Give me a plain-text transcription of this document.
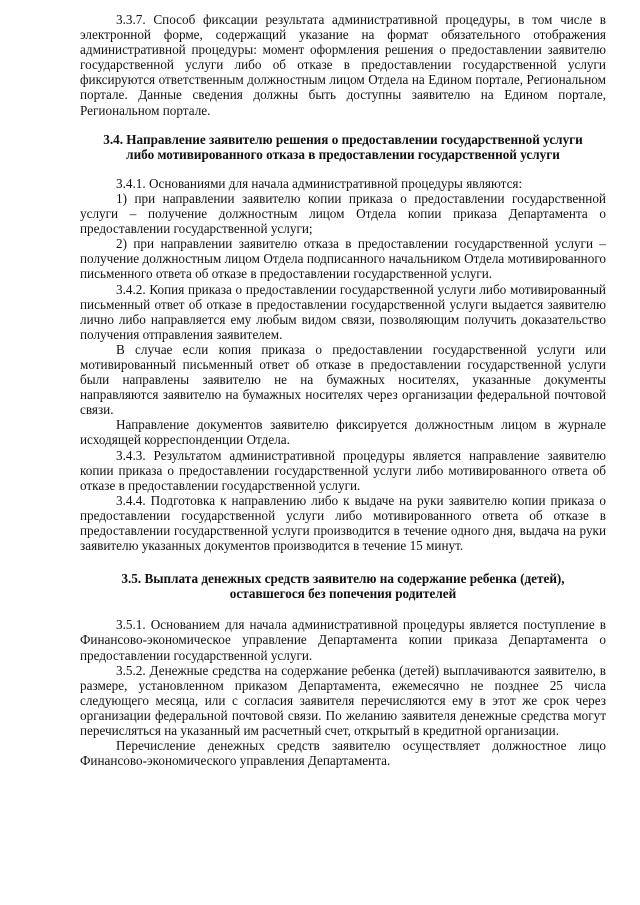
3.3.7. Способ фиксации результата административной процедуры, в том числе в электронной форме, содержащий указание на формат обязательного отображения административной процедуры: момент оформления решения о предоставлении заявителю государственной услуги либо об отказе в предоставлении государственной услуги фиксируются ответственным должностным лицом Отдела на Едином портале, Региональном портале. Данные сведения должны быть доступны заявителю на Едином портале, Региональном портале.

3.4. Направление заявителю решения о предоставлении государственной услуги
либо мотивированного отказа в предоставлении государственной услуги

3.4.1. Основаниями для начала административной процедуры являются:

1) при направлении заявителю копии приказа о предоставлении государственной услуги – получение должностным лицом Отдела копии приказа Департамента о предоставлении государственной услуги;

2) при направлении заявителю отказа в предоставлении государственной услуги – получение должностным лицом Отдела подписанного начальником Отдела мотивированного письменного ответа об отказе в предоставлении государственной услуги.

3.4.2. Копия приказа о предоставлении государственной услуги либо мотивированный письменный ответ об отказе в предоставлении государственной услуги выдается заявителю лично либо направляется ему любым видом связи, позволяющим получить доказательство получения отправления заявителем.

В случае если копия приказа о предоставлении государственной услуги или мотивированный письменный ответ об отказе в предоставлении государственной услуги были направлены заявителю не на бумажных носителях, указанные документы направляются заявителю на бумажных носителях через организации федеральной почтовой связи.

Направление документов заявителю фиксируется должностным лицом в журнале исходящей корреспонденции Отдела.

3.4.3. Результатом административной процедуры является направление заявителю копии приказа о предоставлении государственной услуги либо мотивированного ответа об отказе в предоставлении государственной услуги.

3.4.4. Подготовка к направлению либо к выдаче на руки заявителю копии приказа о предоставлении государственной услуги либо мотивированного ответа об отказе в предоставлении государственной услуги производится в течение одного дня, выдача на руки заявителю указанных документов производится в течение 15 минут.

3.5. Выплата денежных средств заявителю на содержание ребенка (детей),
оставшегося без попечения родителей

3.5.1. Основанием для начала административной процедуры является поступление в Финансово-экономическое управление Департамента копии приказа Департамента о предоставлении государственной услуги.

3.5.2. Денежные средства на содержание ребенка (детей) выплачиваются заявителю, в размере, установленном приказом Департамента, ежемесячно не позднее 25 числа следующего месяца, или с согласия заявителя перечисляются ему в этот же срок через организации федеральной почтовой связи. По желанию заявителя денежные средства могут перечисляться на указанный им расчетный счет, открытый в кредитной организации.

Перечисление денежных средств заявителю осуществляет должностное лицо Финансово-экономического управления Департамента.
